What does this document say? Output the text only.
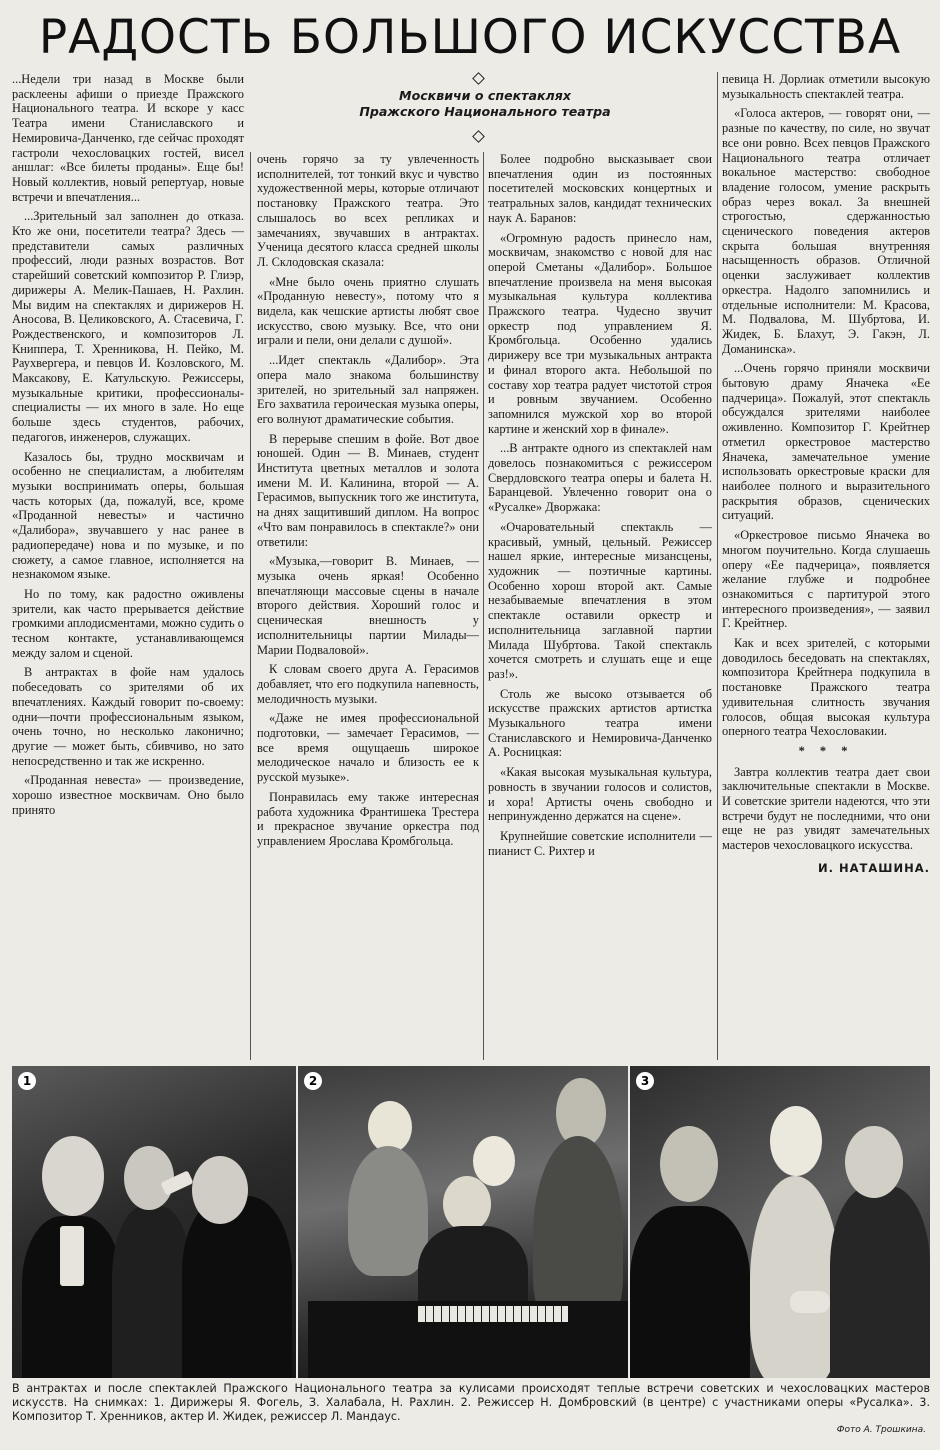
РАДОСТЬ БОЛЬШОГО ИСКУССТВА
Москвичи о спектаклях
Пражского Национального театра

...Недели три назад в Москве были расклеены афиши о приезде Пражского Национального театра. И вскоре у касс Театра имени Станиславского и Немировича-Данченко, где сейчас проходят гастроли чехословацких гостей, висел аншлаг: «Все билеты проданы». Еще бы! Новый коллектив, новый репертуар, новые встречи и впечатления...

...Зрительный зал заполнен до отказа. Кто же они, посетители театра? Здесь — представители самых различных профессий, люди разных возрастов. Вот старейший советский композитор Р. Глиэр, дирижеры А. Мелик-Пашаев, Н. Рахлин. Мы видим на спектаклях и дирижеров Н. Аносова, В. Целиковского, А. Стасевича, Г. Рождественского, и композиторов Л. Книппера, Т. Хренникова, Н. Пейко, М. Раухвергера, и певцов И. Козловского, М. Максакову, Е. Катульскую. Режиссеры, музыкальные критики, профессионалы-специалисты — их много в зале. Но еще больше здесь студентов, рабочих, педагогов, инженеров, служащих.

Казалось бы, трудно москвичам и особенно не специалистам, а любителям музыки воспринимать оперы, большая часть которых (да, пожалуй, все, кроме «Проданной невесты» и частично «Далибора», звучавшего у нас ранее в радиопередаче) нова и по музыке, и по сюжету, а самое главное, исполняется на незнакомом языке.

Но по тому, как радостно оживлены зрители, как часто прерывается действие громкими аплодисментами, можно судить о тесном контакте, устанавливающемся между залом и сценой.

В антрактах в фойе нам удалось побеседовать со зрителями об их впечатлениях. Каждый говорит по-своему: одни—почти профессиональным языком, очень точно, но несколько лаконично; другие — может быть, сбивчиво, но зато непосредственно и так же искренно.

«Проданная невеста» — произведение, хорошо известное москвичам. Оно было принято

очень горячо за ту увлеченность исполнителей, тот тонкий вкус и чувство художественной меры, которые отличают постановку Пражского театра. Это слышалось во всех репликах и замечаниях, звучавших в антрактах. Ученица десятого класса средней школы Л. Склодовская сказала:

«Мне было очень приятно слушать «Проданную невесту», потому что я видела, как чешские артисты любят свое искусство, свою музыку. Все, что они играли и пели, они делали с душой».

...Идет спектакль «Далибор». Эта опера мало знакома большинству зрителей, но зрительный зал напряжен. Его захватила героическая музыка оперы, его волнуют драматические события.

В перерыве спешим в фойе. Вот двое юношей. Один — В. Минаев, студент Института цветных металлов и золота имени М. И. Калинина, второй — А. Герасимов, выпускник того же института, на днях защитивший диплом. На вопрос «Что вам понравилось в спектакле?» они ответили:

«Музыка,—говорит В. Минаев, — музыка очень яркая! Особенно впечатляющи массовые сцены в начале второго действия. Хороший голос и сценическая внешность у исполнительницы партии Милады—Марии Подваловой».

К словам своего друга А. Герасимов добавляет, что его подкупила напевность, мелодичность музыки.

«Даже не имея профессиональной подготовки, — замечает Герасимов, — все время ощущаешь широкое мелодическое начало и близость ее к русской музыке».

Понравилась ему также интересная работа художника Франтишека Трестера и прекрасное звучание оркестра под управлением Ярослава Кромбгольца.

Более подробно высказывает свои впечатления один из постоянных посетителей московских концертных и театральных залов, кандидат технических наук А. Баранов:

«Огромную радость принесло нам, москвичам, знакомство с новой для нас оперой Сметаны «Далибор». Большое впечатление произвела на меня высокая музыкальная культура коллектива Пражского театра. Чудесно звучит оркестр под управлением Я. Кромбгольца. Особенно удались дирижеру все три музыкальных антракта и финал второго акта. Небольшой по составу хор театра радует чистотой строя и ровным звучанием. Особенно запомнился мужской хор во второй картине и женский хор в финале».

...В антракте одного из спектаклей нам довелось познакомиться с режиссером Свердловского театра оперы и балета Н. Баранцевой. Увлеченно говорит она о «Русалке» Дворжака:

«Очаровательный спектакль —красивый, умный, цельный. Режиссер нашел яркие, интересные мизансцены, художник — поэтичные картины. Особенно хорош второй акт. Самые незабываемые впечатления в этом спектакле оставили оркестр и исполнительница заглавной партии Милада Шубртова. Такой спектакль хочется смотреть и слушать еще и еще раз!».

Столь же высоко отзывается об искусстве пражских артистов артистка Музыкального театра имени Станиславского и Немировича-Данченко А. Росницкая:

«Какая высокая музыкальная культура, ровность в звучании голосов и солистов, и хора! Артисты очень свободно и непринужденно держатся на сцене».

Крупнейшие советские исполнители — пианист С. Рихтер и

певица Н. Дорлиак отметили высокую музыкальность спектаклей театра.

«Голоса актеров, — говорят они, — разные по качеству, по силе, но звучат все они ровно. Всех певцов Пражского Национального театра отличает вокальное мастерство: свободное владение голосом, умение раскрыть образ через вокал. За внешней строгостью, сдержанностью сценического поведения актеров скрыта большая внутренняя насыщенность образов. Отличной оценки заслуживает коллектив оркестра. Надолго запомнились и отдельные исполнители: М. Красова, М. Подвалова, М. Шубртова, И. Жидек, Б. Блахут, Э. Гакэн, Л. Доманинска».

...Очень горячо приняли москвичи бытовую драму Яначека «Ее падчерица». Пожалуй, этот спектакль обсуждался зрителями наиболее оживленно. Композитор Г. Крейтнер отметил оркестровое мастерство Яначека, замечательное умение использовать оркестровые краски для наиболее полного и выразительного раскрытия образов, сценических ситуаций.

«Оркестровое письмо Яначека во многом поучительно. Когда слушаешь оперу «Ее падчерица», появляется желание глубже и подробнее ознакомиться с партитурой этого интересного произведения», — заявил Г. Крейтнер.

Как и всех зрителей, с которыми доводилось беседовать на спектаклях, композитора Крейтнера подкупила в постановке Пражского театра удивительная слитность звучания голосов, общая высокая культура оперного театра Чехословакии.

* * *

Завтра коллектив театра дает свои заключительные спектакли в Москве. И советские зрители надеются, что эти встречи будут не последними, что они еще не раз увидят замечательных мастеров чехословацкого искусства.

И. НАТАШИНА.
1	2	3
В антрактах и после спектаклей Пражского Национального театра за кулисами происходят теплые встречи советских и чехословацких мастеров искусств. На снимках: 1. Дирижеры Я. Фогель, З. Халабала, Н. Рахлин. 2. Режиссер Н. Домбровский (в центре) с участниками оперы «Русалка». 3. Композитор Т. Хренников, актер И. Жидек, режиссер Л. Мандаус.
Фото А. Трошкина.
